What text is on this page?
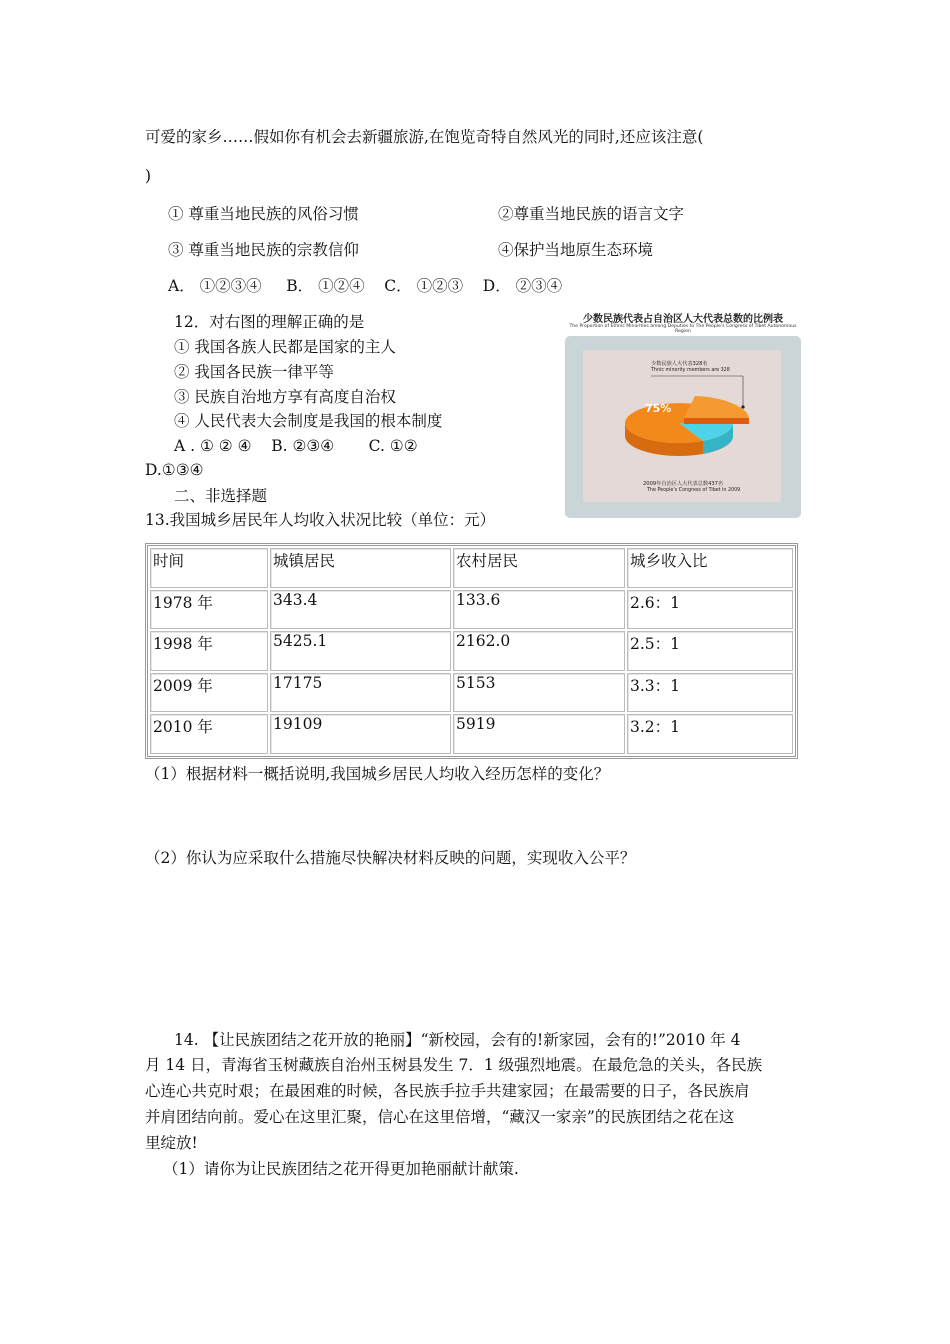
可爱的家乡……假如你有机会去新疆旅游,在饱览奇特自然风光的同时,还应该注意(
)
① 尊重当地民族的风俗习惯	②尊重当地民族的语言文字
③ 尊重当地民族的宗教信仰	④保护当地原生态环境
A． ①②③④     B． ①②④    C． ①②③    D． ②③④
12．对右图的理解正确的是
① 我国各族人民都是国家的主人
② 我国各民族一律平等
③ 民族自治地方享有高度自治权
④ 人民代表大会制度是我国的根本制度
A . ① ② ④    B. ②③④       C. ①②
D.①③④
少数民族代表占自治区人大代表总数的比例表
The Proportion of Ethnic Minorities among Deputies to The People's Congress of Tibet Autonomous Region
少数民族人大代表328名
Thnic minority members are 328
75%
2009年自治区人大代表总数437名
The People's Congress of Tibet in 2009
二、非选择题
13.我国城乡居民年人均收入状况比较（单位：元）
时间	城镇居民	农村居民	城乡收入比
1978 年	343.4	133.6	2.6：1
1998 年	5425.1	2162.0	2.5：1
2009 年	17175	5153	3.3：1
2010 年	19109	5919	3.2：1
（1）根据材料一概括说明,我国城乡居民人均收入经历怎样的变化？
（2）你认为应采取什么措施尽快解决材料反映的问题，实现收入公平？
14. 【让民族团结之花开放的艳丽】“新校园，会有的!新家园，会有的!”2010 年 4
月 14 日，青海省玉树藏族自治州玉树县发生 7．1 级强烈地震。在最危急的关头，各民族
心连心共克时艰；在最困难的时候，各民族手拉手共建家园；在最需要的日子，各民族肩
并肩团结向前。爱心在这里汇聚，信心在这里倍增，“藏汉一家亲”的民族团结之花在这
里绽放!
（1）请你为让民族团结之花开得更加艳丽献计献策.
